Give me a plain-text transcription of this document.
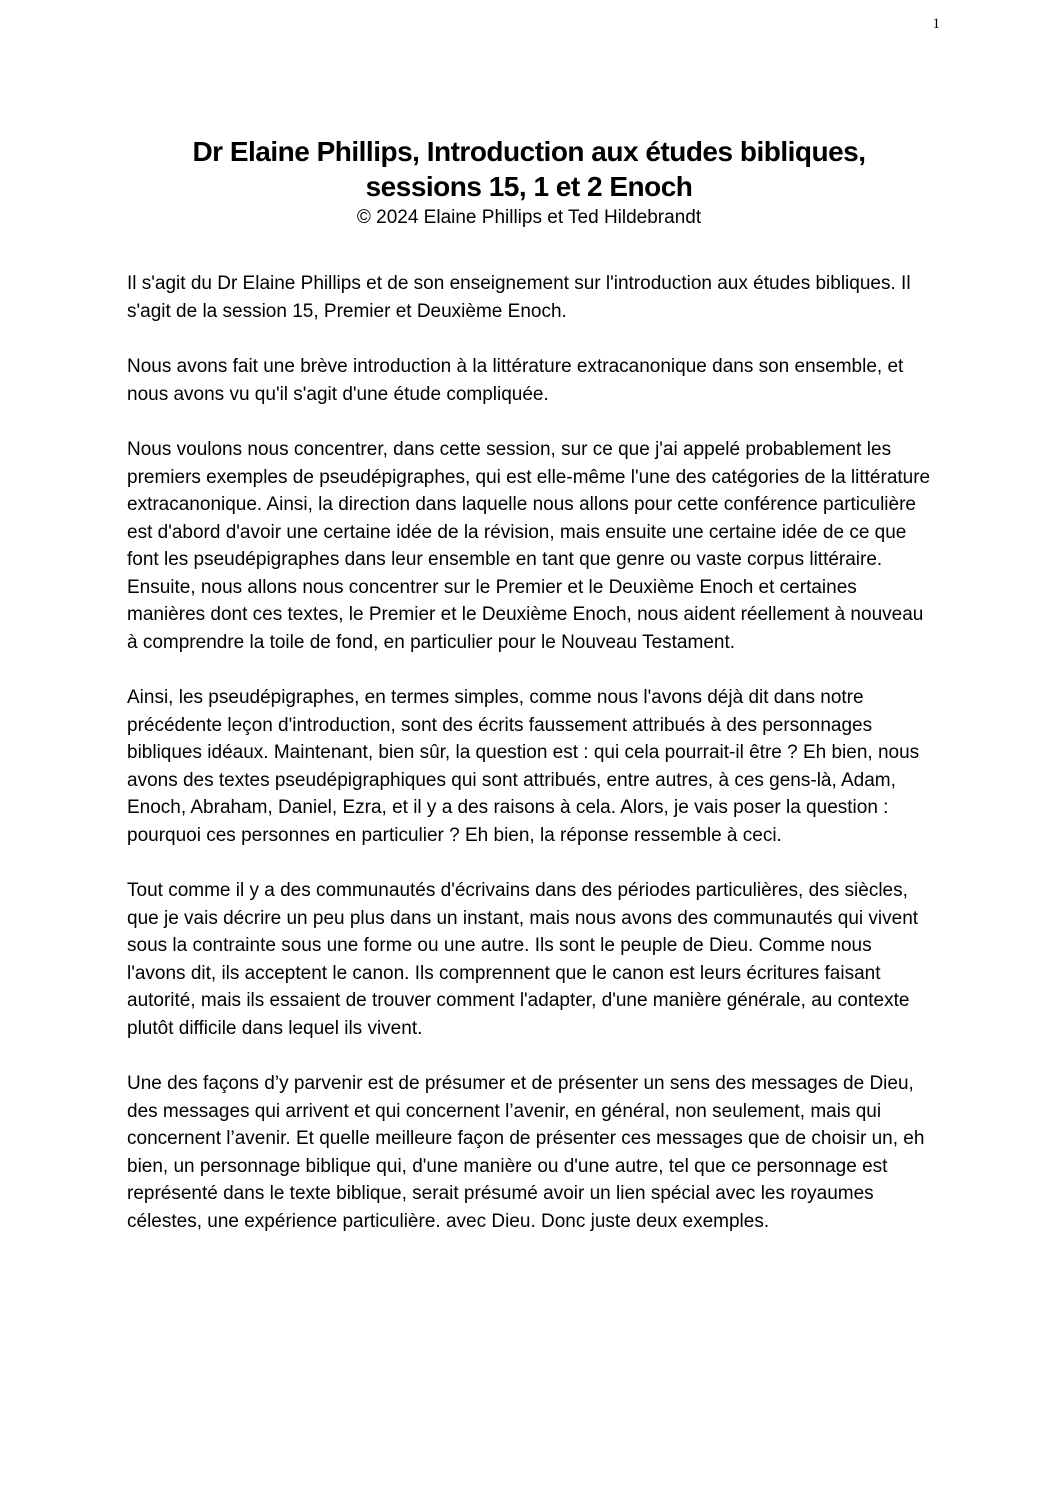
1
Dr Elaine Phillips, Introduction aux études bibliques,
sessions 15, 1 et 2 Enoch

© 2024 Elaine Phillips et Ted Hildebrandt

Il s'agit du Dr Elaine Phillips et de son enseignement sur l'introduction aux études bibliques. Il s'agit de la session 15, Premier et Deuxième Enoch.

Nous avons fait une brève introduction à la littérature extracanonique dans son ensemble, et nous avons vu qu'il s'agit d'une étude compliquée.

Nous voulons nous concentrer, dans cette session, sur ce que j'ai appelé probablement les premiers exemples de pseudépigraphes, qui est elle-même l'une des catégories de la littérature extracanonique. Ainsi, la direction dans laquelle nous allons pour cette conférence particulière est d'abord d'avoir une certaine idée de la révision, mais ensuite une certaine idée de ce que font les pseudépigraphes dans leur ensemble en tant que genre ou vaste corpus littéraire. Ensuite, nous allons nous concentrer sur le Premier et le Deuxième Enoch et certaines manières dont ces textes, le Premier et le Deuxième Enoch, nous aident réellement à nouveau à comprendre la toile de fond, en particulier pour le Nouveau Testament.

Ainsi, les pseudépigraphes, en termes simples, comme nous l'avons déjà dit dans notre précédente leçon d'introduction, sont des écrits faussement attribués à des personnages bibliques idéaux. Maintenant, bien sûr, la question est : qui cela pourrait-il être ? Eh bien, nous avons des textes pseudépigraphiques qui sont attribués, entre autres, à ces gens-là, Adam, Enoch, Abraham, Daniel, Ezra, et il y a des raisons à cela. Alors, je vais poser la question : pourquoi ces personnes en particulier ? Eh bien, la réponse ressemble à ceci.

Tout comme il y a des communautés d'écrivains dans des périodes particulières, des siècles, que je vais décrire un peu plus dans un instant, mais nous avons des communautés qui vivent sous la contrainte sous une forme ou une autre. Ils sont le peuple de Dieu. Comme nous l'avons dit, ils acceptent le canon. Ils comprennent que le canon est leurs écritures faisant autorité, mais ils essaient de trouver comment l'adapter, d'une manière générale, au contexte plutôt difficile dans lequel ils vivent.

Une des façons d’y parvenir est de présumer et de présenter un sens des messages de Dieu, des messages qui arrivent et qui concernent l’avenir, en général, non seulement, mais qui concernent l’avenir. Et quelle meilleure façon de présenter ces messages que de choisir un, eh bien, un personnage biblique qui, d'une manière ou d'une autre, tel que ce personnage est représenté dans le texte biblique, serait présumé avoir un lien spécial avec les royaumes célestes, une expérience particulière. avec Dieu. Donc juste deux exemples.
